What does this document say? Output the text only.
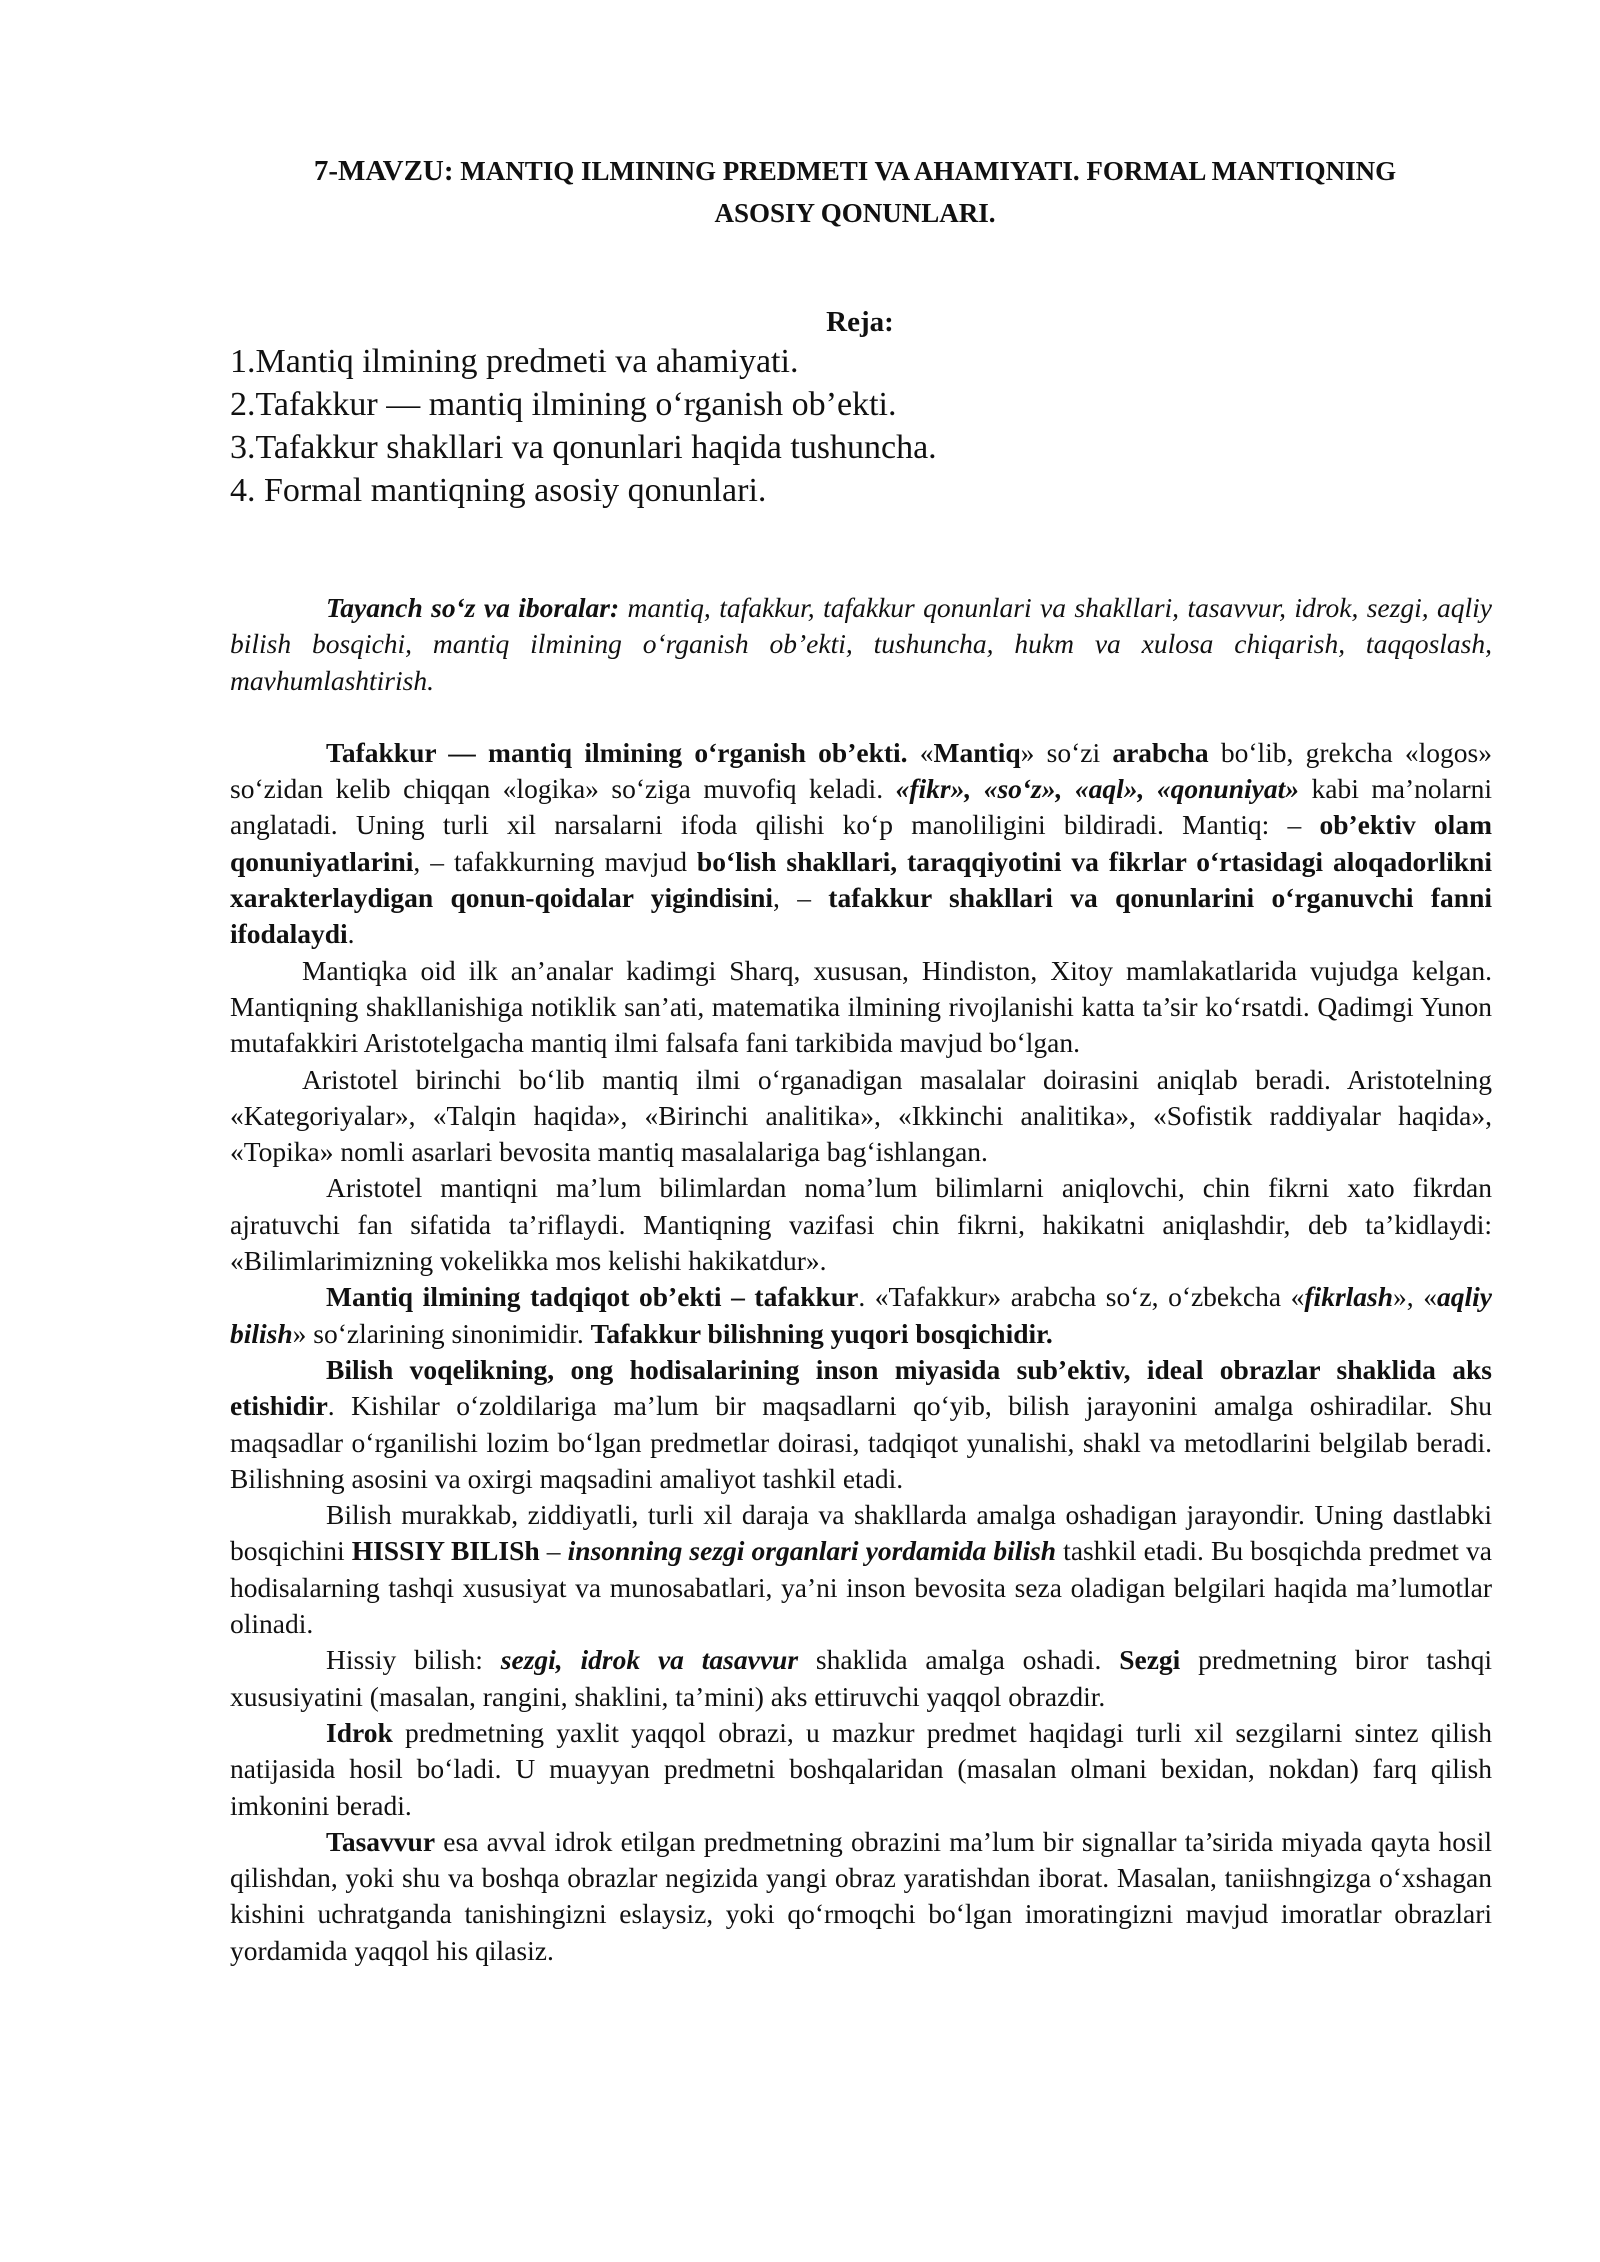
7-MAVZU: MANTIQ ILMINING PREDMETI VA AHAMIYATI. FORMAL MANTIQNING
ASOSIY QONUNLARI.
Reja:
1.Mantiq ilmining predmeti va ahamiyati.
2.Tafakkur — mantiq ilmining o‘rganish ob’ekti.
3.Tafakkur shakllari va qonunlari haqida tushuncha.
4. Formal mantiqning asosiy qonunlari.

Tayanch so‘z va iboralar: mantiq, tafakkur, tafakkur qonunlari va shakllari, tasavvur, idrok, sezgi, aqliy bilish bosqichi, mantiq ilmining o‘rganish ob’ekti, tushuncha, hukm va xulosa chiqarish, taqqoslash, mavhumlashtirish.

Tafakkur — mantiq ilmining o‘rganish ob’ekti. «Mantiq» so‘zi arabcha bo‘lib, grekcha «logos» so‘zidan kelib chiqqan «logika» so‘ziga muvofiq keladi. «fikr», «so‘z», «aql», «qonuniyat» kabi ma’nolarni anglatadi. Uning turli xil narsalarni ifoda qilishi ko‘p manoliligini bildiradi. Mantiq: – ob’ektiv olam qonuniyatlarini, – tafakkurning mavjud bo‘lish shakllari, taraqqiyotini va fikrlar o‘rtasidagi aloqadorlikni xarakterlaydigan qonun-qoidalar yigindisini, – tafakkur shakllari va qonunlarini o‘rganuvchi fanni ifodalaydi.

Mantiqka oid ilk an’analar kadimgi Sharq, xususan, Hindiston, Xitoy mamlakatlarida vujudga kelgan. Mantiqning shakllanishiga notiklik san’ati, matematika ilmining rivojlanishi katta ta’sir ko‘rsatdi. Qadimgi Yunon mutafakkiri Aristotelgacha mantiq ilmi falsafa fani tarkibida mavjud bo‘lgan.

Aristotel birinchi bo‘lib mantiq ilmi o‘rganadigan masalalar doirasini aniqlab beradi. Aristotelning «Kategoriyalar», «Talqin haqida», «Birinchi analitika», «Ikkinchi analitika», «Sofistik raddiyalar haqida», «Topika» nomli asarlari bevosita mantiq masalalariga bag‘ishlangan.

Aristotel mantiqni ma’lum bilimlardan noma’lum bilimlarni aniqlovchi, chin fikrni xato fikrdan ajratuvchi fan sifatida ta’riflaydi. Mantiqning vazifasi chin fikrni, hakikatni aniqlashdir, deb ta’kidlaydi: «Bilimlarimizning vokelikka mos kelishi hakikatdur».

Mantiq ilmining tadqiqot ob’ekti – tafakkur. «Tafakkur» arabcha so‘z, o‘zbekcha «fikrlash», «aqliy bilish» so‘zlarining sinonimidir. Tafakkur bilishning yuqori bosqichidir.

Bilish voqelikning, ong hodisalarining inson miyasida sub’ektiv, ideal obrazlar shaklida aks etishidir. Kishilar o‘zoldilariga ma’lum bir maqsadlarni qo‘yib, bilish jarayonini amalga oshiradilar. Shu maqsadlar o‘rganilishi lozim bo‘lgan predmetlar doirasi, tadqiqot yunalishi, shakl va metodlarini belgilab beradi. Bilishning asosini va oxirgi maqsadini amaliyot tashkil etadi.

Bilish murakkab, ziddiyatli, turli xil daraja va shakllarda amalga oshadigan jarayondir. Uning dastlabki bosqichini HISSIY BILISh – insonning sezgi organlari yordamida bilish tashkil etadi. Bu bosqichda predmet va hodisalarning tashqi xususiyat va munosabatlari, ya’ni inson bevosita seza oladigan belgilari haqida ma’lumotlar olinadi.

Hissiy bilish: sezgi, idrok va tasavvur shaklida amalga oshadi. Sezgi predmetning biror tashqi xususiyatini (masalan, rangini, shaklini, ta’mini) aks ettiruvchi yaqqol obrazdir.

Idrok predmetning yaxlit yaqqol obrazi, u mazkur predmet haqidagi turli xil sezgilarni sintez qilish natijasida hosil bo‘ladi. U muayyan predmetni boshqalaridan (masalan olmani bexidan, nokdan) farq qilish imkonini beradi.

Tasavvur esa avval idrok etilgan predmetning obrazini ma’lum bir signallar ta’sirida miyada qayta hosil qilishdan, yoki shu va boshqa obrazlar negizida yangi obraz yaratishdan iborat. Masalan, taniishngizga o‘xshagan kishini uchratganda tanishingizni eslaysiz, yoki qo‘rmoqchi bo‘lgan imoratingizni mavjud imoratlar obrazlari yordamida yaqqol his qilasiz.
